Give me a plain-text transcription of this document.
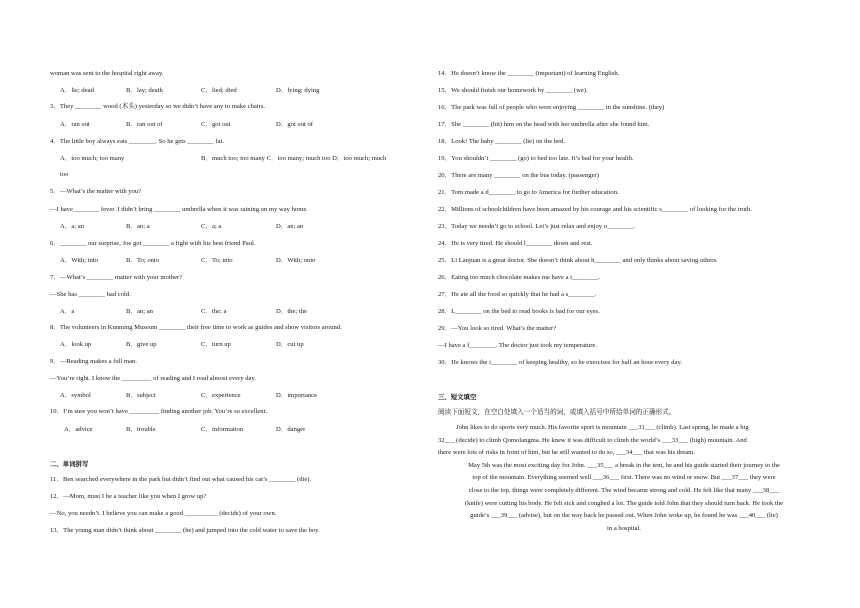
woman was sent to the hospital right away.
A．lie; dead	B．lay; death	C．lied; died	D．lying; dying
3．They ________ wood (木头) yesterday so we didn’t have any to make chairs.
A．ran out	B．ran out of	C．got out	D．got out of
4．The little boy always eats ________. So he gets ________ fat.
A．too much; too many	B．much too; too many C．too many; much too D．too much; much
too
5．—What’s the matter with you?
—I have________ fever. I didn’t bring ________ umbrella when it was raining on my way home.
A．a; an	B．an; a	C．a; a	D．an; an
6．________ our surprise, Joe got ________ a fight with his best friend Paul.
A．With; into	B．To; onto	C．To; into	D．With; onto
7．—What’s ________ matter with your mother?
—She has ________ bad cold.
A．a	B．an; an	C．the; a	D．the; the
8．The volunteers in Kunming Museum ________ their free time to work as guides and show visitors around.
A．look up	B．give up	C．turn up	D．cut up
9．—Reading makes a full man.
—You’re right. I know the _________ of reading and I read almost every day.
A．symbol	B．subject	C．experience	D．importance
10．I’m sure you won’t have _________ finding another job. You’re so excellent.
A．advice	B．trouble	C．information	D．danger
二、单词拼写
11．Ben searched everywhere in the park but didn’t find out what caused his cat’s ________ (die).
12．—Mom, must I be a teacher like you when I grow up?
—No, you needn’t. I believe you can make a good __________ (decide) of your own.
13．The young man didn’t think about ________ (he) and jumped into the cold water to save the boy.
14．He doesn’t know the ________ (important) of learning English.
15．We should finish our homework by ________ (we).
16．The park was full of people who were enjoying ________ in the sunshine. (they)
17．She ________ (hit) him on the head with her umbrella after she found him.
18．Look! The baby ________ (lie) on the bed.
19．You shouldn’t ________ (go) to bed too late. It’s bad for your health.
20．There are many ________ on the bus today. (passenger)
21．Tom made a d________ to go to America for further education.
22．Millions of schoolchildren have been amazed by his courage and his scientific s________ of looking for the truth.
23．Today we needn’t go to school. Let’s just relax and enjoy o________.
24．He is very tired. He should l________ down and rest.
25．Li Lanjuan is a great doctor. She doesn’t think about h________ and only thinks about saving others.
26．Eating too much chocolate makes me have a t________.
27．He ate all the food so quickly that he had a s________.
28．L________ on the bed to read books is bad for our eyes.
29．—You look so tired. What’s the matter?
—I have a f________. The doctor just took my temperature.
30．He knows the i________ of keeping healthy, so he exercises for half an hour every day.
三、短文填空
阅读下面短文，在空白处填入一个适当的词，或填入括号中所给单词的正确形式。

John likes to do sports very much. His favorite sport is mountain ___31___ (climb). Last spring, he made a big

32___ (decide) to climb Qomolangma. He knew it was difficult to climb the world’s ___33___ (high) mountain. And

there were lots of risks in front of him, but he still wanted to do so, ___34___ that was his dream.

May 5th was the most exciting day for John. ___35___ a break in the tent, he and his guide started their journey to the

top of the mountain. Everything seemed well ___36___ first. There was no wind or snow. But ___37___ they were

close to the top, things were completely different. The wind became strong and cold. He felt like that many ___38___

(knife) were cutting his body. He felt sick and coughed a lot. The guide told John that they should turn back. He took the

guide’s ___39___ (advise), but on the way back he passed out. When John woke up, he found he was ___40___ (lie)

in a hospital.
